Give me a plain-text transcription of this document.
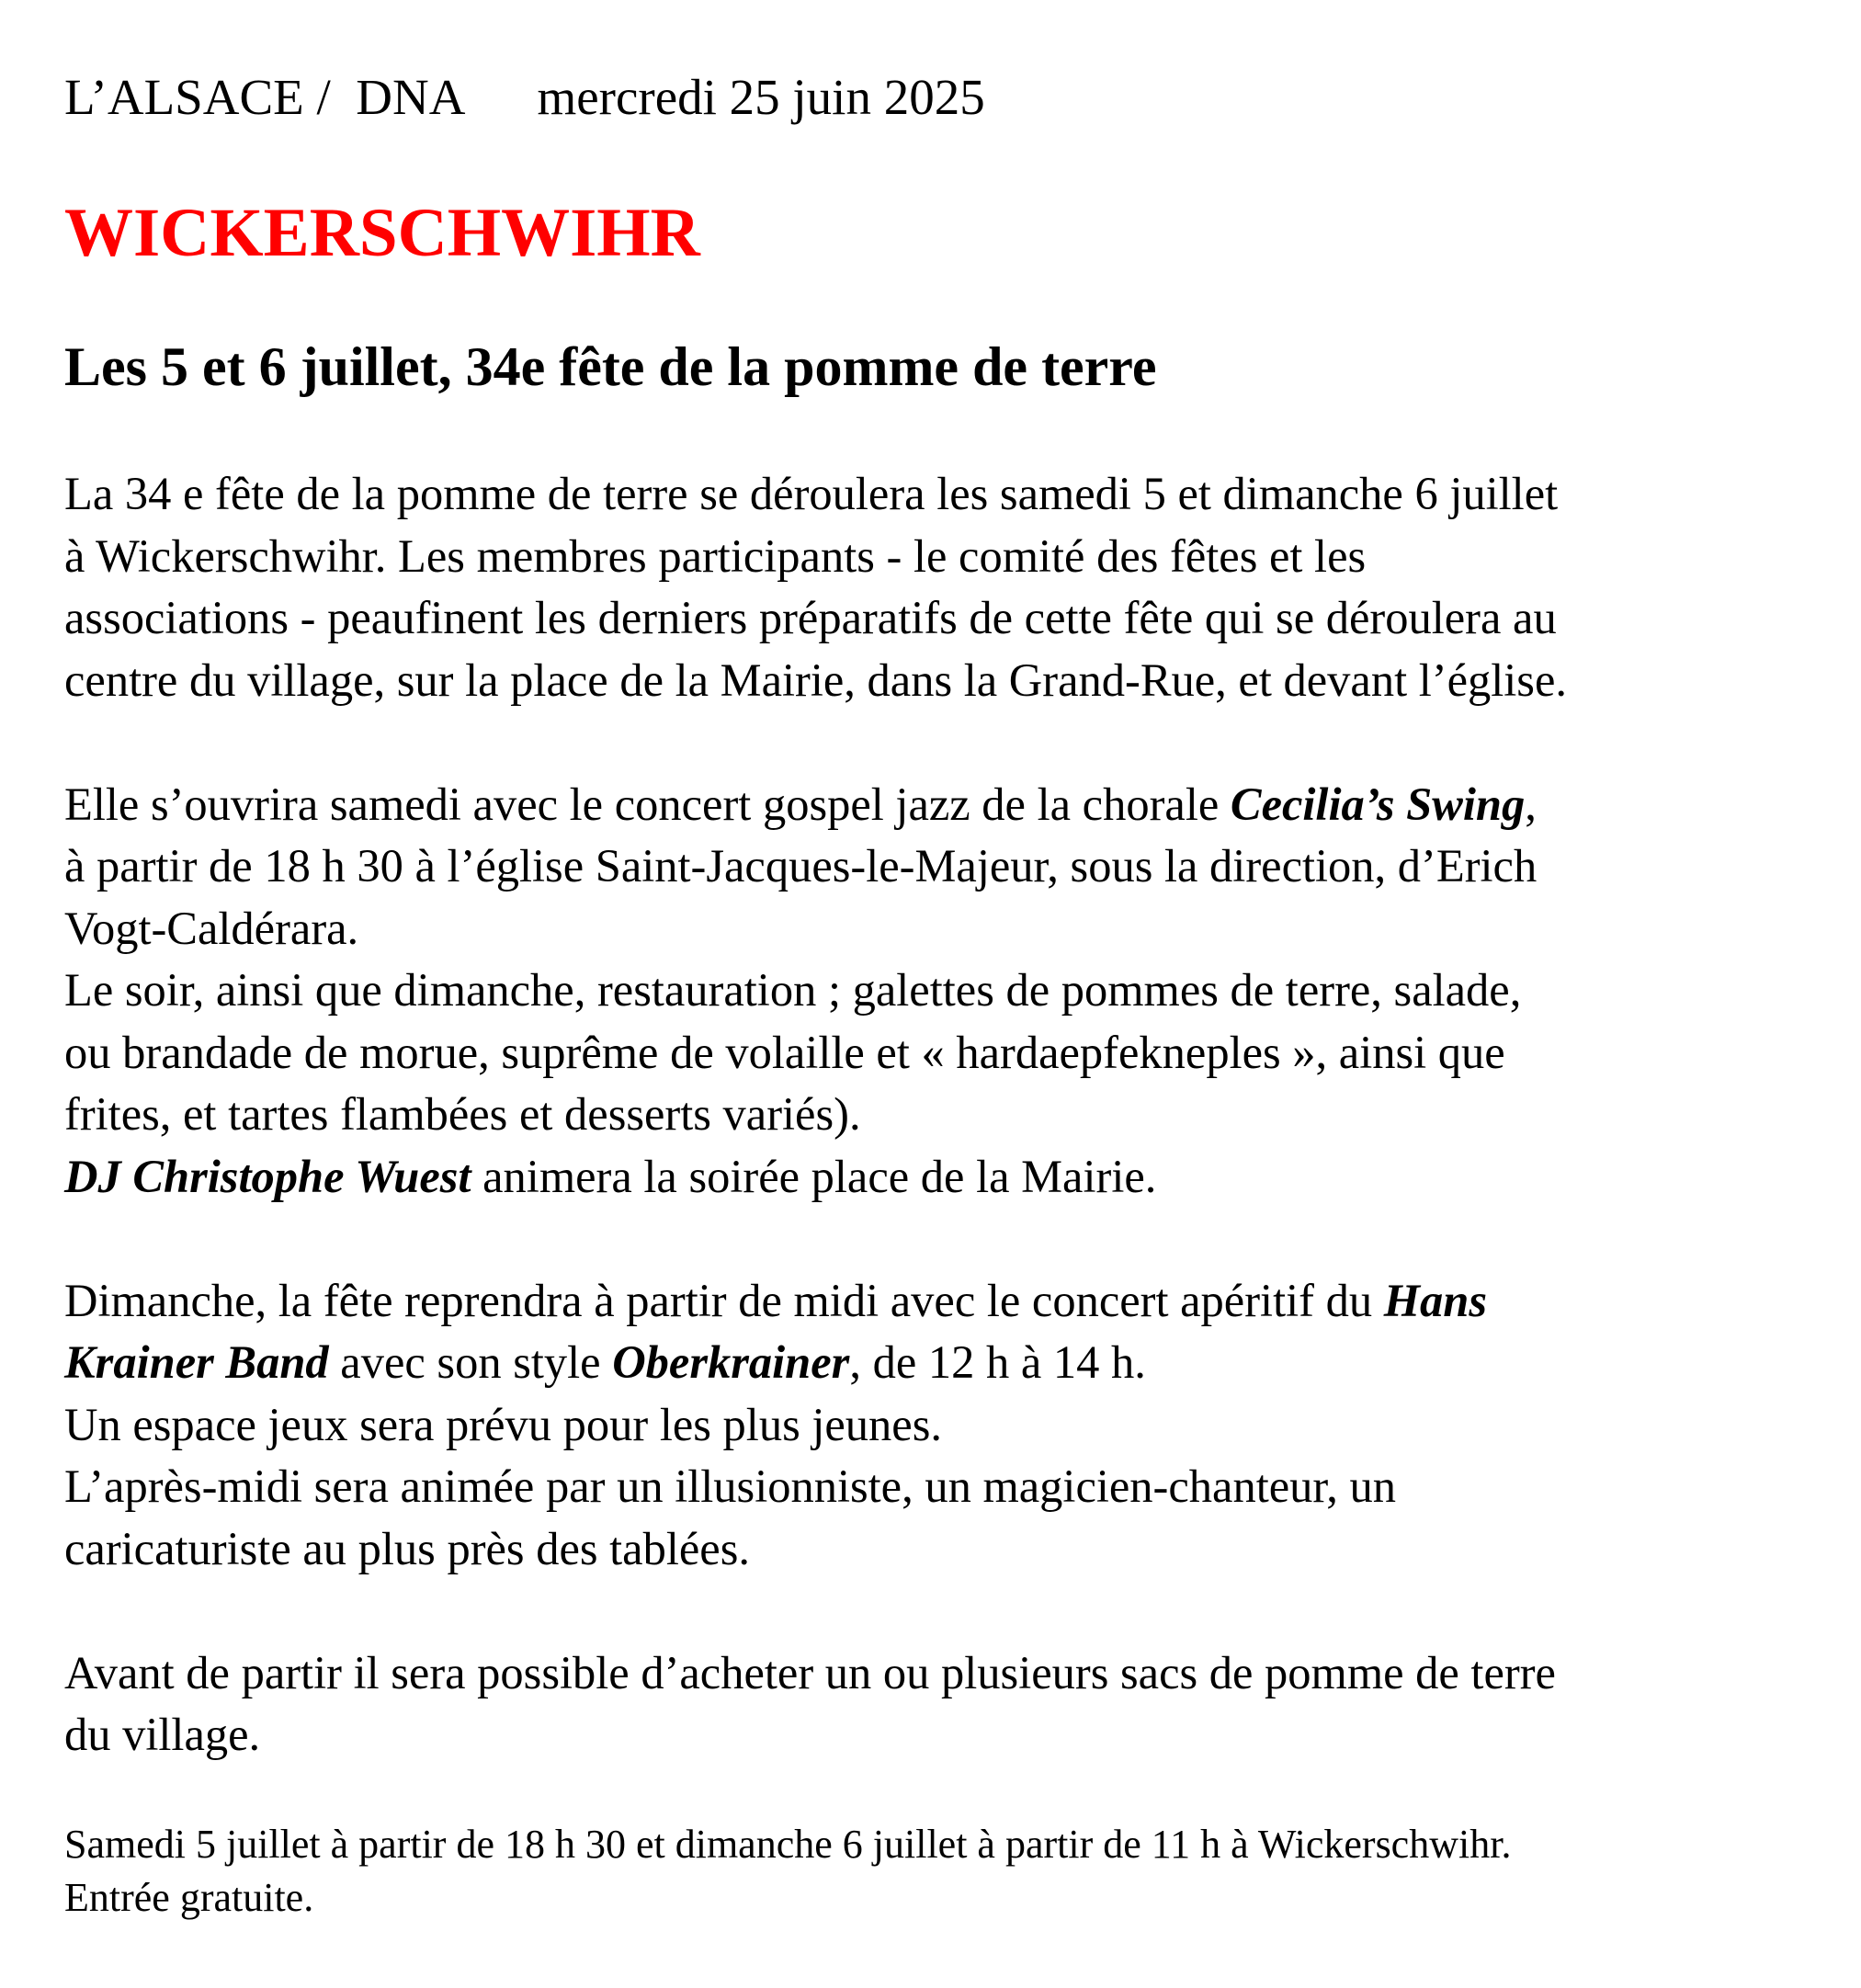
L’ALSACE /  DNA mercredi 25 juin 2025
WICKERSCHWIHR
Les 5 et 6 juillet, 34e fête de la pomme de terre
La 34 e fête de la pomme de terre se déroulera les samedi 5 et dimanche 6 juillet
à Wickerschwihr. Les membres participants - le comité des fêtes et les
associations - peaufinent les derniers préparatifs de cette fête qui se déroulera au
centre du village, sur la place de la Mairie, dans la Grand-Rue, et devant l’église.
Elle s’ouvrira samedi avec le concert gospel jazz de la chorale Cecilia’s Swing,
à partir de 18 h 30 à l’église Saint-Jacques-le-Majeur, sous la direction, d’Erich
Vogt-Caldérara.
Le soir, ainsi que dimanche, restauration ; galettes de pommes de terre, salade,
ou brandade de morue, suprême de volaille et « hardaepfekneples », ainsi que
frites, et tartes flambées et desserts variés).
DJ Christophe Wuest animera la soirée place de la Mairie.
Dimanche, la fête reprendra à partir de midi avec le concert apéritif du Hans
Krainer Band avec son style Oberkrainer, de 12 h à 14 h.
Un espace jeux sera prévu pour les plus jeunes.
L’après-midi sera animée par un illusionniste, un magicien-chanteur, un
caricaturiste au plus près des tablées.
Avant de partir il sera possible d’acheter un ou plusieurs sacs de pomme de terre
du village.
Samedi 5 juillet à partir de 18 h 30 et dimanche 6 juillet à partir de 11 h à Wickerschwihr.
Entrée gratuite.
